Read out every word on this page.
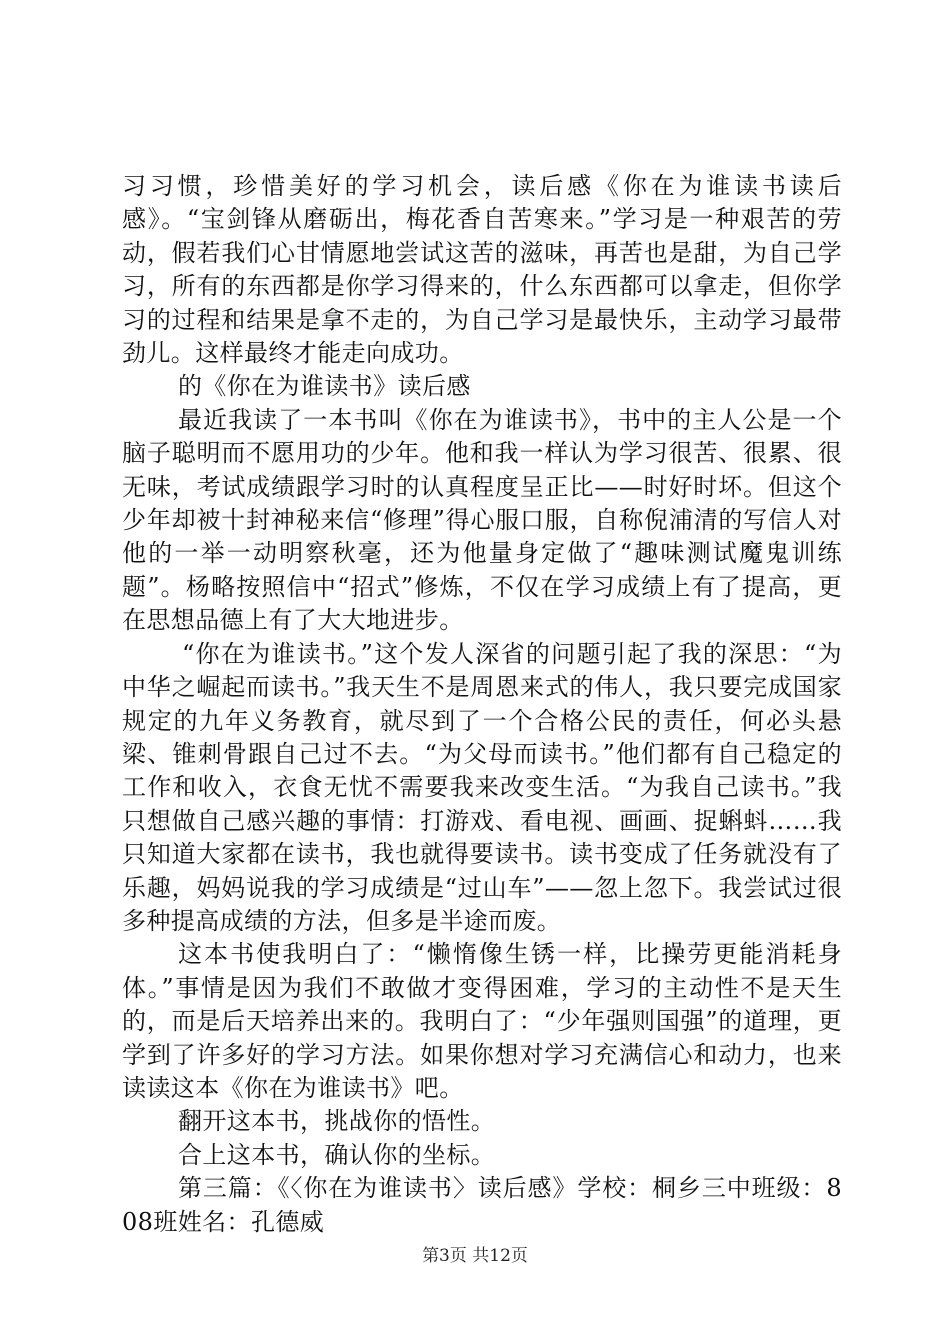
习习惯，珍惜美好的学习机会，读后感《你在为谁读书读后感》。“宝剑锋从磨砺出，梅花香自苦寒来。”学习是一种艰苦的劳动，假若我们心甘情愿地尝试这苦的滋味，再苦也是甜，为自己学习，所有的东西都是你学习得来的，什么东西都可以拿走，但你学习的过程和结果是拿不走的，为自己学习是最快乐，主动学习最带劲儿。这样最终才能走向成功。

的《你在为谁读书》读后感

最近我读了一本书叫《你在为谁读书》，书中的主人公是一个脑子聪明而不愿用功的少年。他和我一样认为学习很苦、很累、很无味，考试成绩跟学习时的认真程度呈正比——时好时坏。但这个少年却被十封神秘来信“修理”得心服口服，自称倪浦清的写信人对他的一举一动明察秋毫，还为他量身定做了“趣味测试魔鬼训练题”。杨略按照信中“招式”修炼，不仅在学习成绩上有了提高，更在思想品德上有了大大地进步。

“你在为谁读书。”这个发人深省的问题引起了我的深思：“为中华之崛起而读书。”我天生不是周恩来式的伟人，我只要完成国家规定的九年义务教育，就尽到了一个合格公民的责任，何必头悬梁、锥刺骨跟自己过不去。“为父母而读书。”他们都有自己稳定的工作和收入，衣食无忧不需要我来改变生活。“为我自己读书。”我只想做自己感兴趣的事情：打游戏、看电视、画画、捉蝌蚪……我只知道大家都在读书，我也就得要读书。读书变成了任务就没有了乐趣，妈妈说我的学习成绩是“过山车”——忽上忽下。我尝试过很多种提高成绩的方法，但多是半途而废。

这本书使我明白了：“懒惰像生锈一样，比操劳更能消耗身体。”事情是因为我们不敢做才变得困难，学习的主动性不是天生的，而是后天培养出来的。我明白了：“少年强则国强”的道理，更学到了许多好的学习方法。如果你想对学习充满信心和动力，也来读读这本《你在为谁读书》吧。

翻开这本书，挑战你的悟性。

合上这本书，确认你的坐标。

第三篇：《〈你在为谁读书〉读后感》学校：桐乡三中班级：808班姓名：孔德威

第3页 共12页
